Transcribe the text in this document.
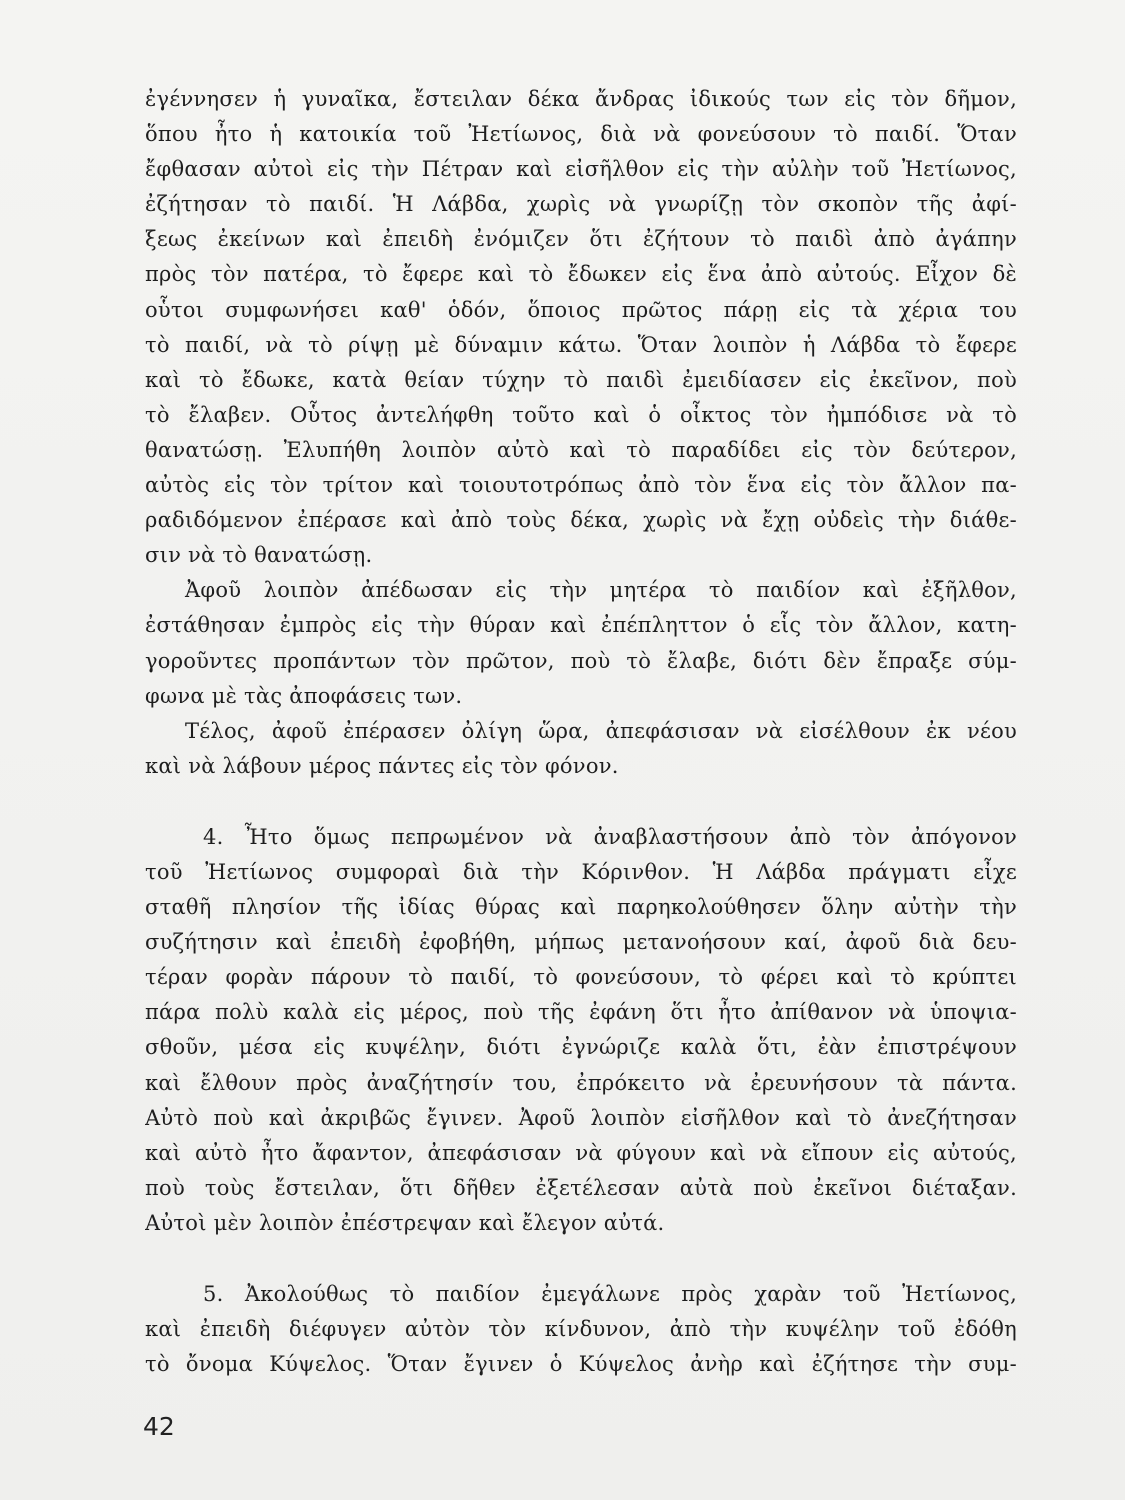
ἐγέννησεν ἡ γυναῖκα, ἔστειλαν δέκα ἄνδρας ἰδικούς των εἰς τὸν δῆμον,
ὅπου ἦτο ἡ κατοικία τοῦ Ἠετίωνος, διὰ νὰ φονεύσουν τὸ παιδί. Ὅταν
ἔφθασαν αὐτοὶ εἰς τὴν Πέτραν καὶ εἰσῆλθον εἰς τὴν αὐλὴν τοῦ Ἠετίωνος,
ἐζήτησαν τὸ παιδί. Ἡ Λάβδα, χωρὶς νὰ γνωρίζῃ τὸν σκοπὸν τῆς ἀφί-
ξεως ἐκείνων καὶ ἐπειδὴ ἐνόμιζεν ὅτι ἐζήτουν τὸ παιδὶ ἀπὸ ἀγάπην
πρὸς τὸν πατέρα, τὸ ἔφερε καὶ τὸ ἔδωκεν εἰς ἕνα ἀπὸ αὐτούς. Εἶχον δὲ
οὗτοι συμφωνήσει καθ' ὁδόν, ὅποιος πρῶτος πάρῃ εἰς τὰ χέρια του
τὸ παιδί, νὰ τὸ ρίψῃ μὲ δύναμιν κάτω. Ὅταν λοιπὸν ἡ Λάβδα τὸ ἔφερε
καὶ τὸ ἔδωκε, κατὰ θείαν τύχην τὸ παιδὶ ἐμειδίασεν εἰς ἐκεῖνον, ποὺ
τὸ ἔλαβεν. Οὗτος ἀντελήφθη τοῦτο καὶ ὁ οἶκτος τὸν ἠμπόδισε νὰ τὸ
θανατώσῃ. Ἐλυπήθη λοιπὸν αὐτὸ καὶ τὸ παραδίδει εἰς τὸν δεύτερον,
αὐτὸς εἰς τὸν τρίτον καὶ τοιουτοτρόπως ἀπὸ τὸν ἕνα εἰς τὸν ἄλλον πα-
ραδιδόμενον ἐπέρασε καὶ ἀπὸ τοὺς δέκα, χωρὶς νὰ ἔχῃ οὐδεὶς τὴν διάθε-
σιν νὰ τὸ θανατώσῃ.
Ἀφοῦ λοιπὸν ἀπέδωσαν εἰς τὴν μητέρα τὸ παιδίον καὶ ἐξῆλθον,
ἐστάθησαν ἐμπρὸς εἰς τὴν θύραν καὶ ἐπέπληττον ὁ εἷς τὸν ἄλλον, κατη-
γοροῦντες προπάντων τὸν πρῶτον, ποὺ τὸ ἔλαβε, διότι δὲν ἔπραξε σύμ-
φωνα μὲ τὰς ἀποφάσεις των.
Τέλος, ἀφοῦ ἐπέρασεν ὀλίγη ὥρα, ἀπεφάσισαν νὰ εἰσέλθουν ἐκ νέου
καὶ νὰ λάβουν μέρος πάντες εἰς τὸν φόνον.
4. Ἦτο ὅμως πεπρωμένον νὰ ἀναβλαστήσουν ἀπὸ τὸν ἀπόγονον
τοῦ Ἠετίωνος συμφοραὶ διὰ τὴν Κόρινθον. Ἡ Λάβδα πράγματι εἶχε
σταθῆ πλησίον τῆς ἰδίας θύρας καὶ παρηκολούθησεν ὅλην αὐτὴν τὴν
συζήτησιν καὶ ἐπειδὴ ἐφοβήθη, μήπως μετανοήσουν καί, ἀφοῦ διὰ δευ-
τέραν φορὰν πάρουν τὸ παιδί, τὸ φονεύσουν, τὸ φέρει καὶ τὸ κρύπτει
πάρα πολὺ καλὰ εἰς μέρος, ποὺ τῆς ἐφάνη ὅτι ἦτο ἀπίθανον νὰ ὑποψια-
σθοῦν, μέσα εἰς κυψέλην, διότι ἐγνώριζε καλὰ ὅτι, ἐὰν ἐπιστρέψουν
καὶ ἔλθουν πρὸς ἀναζήτησίν του, ἐπρόκειτο νὰ ἐρευνήσουν τὰ πάντα.
Αὐτὸ ποὺ καὶ ἀκριβῶς ἔγινεν. Ἀφοῦ λοιπὸν εἰσῆλθον καὶ τὸ ἀνεζήτησαν
καὶ αὐτὸ ἦτο ἄφαντον, ἀπεφάσισαν νὰ φύγουν καὶ νὰ εἴπουν εἰς αὐτούς,
ποὺ τοὺς ἔστειλαν, ὅτι δῆθεν ἐξετέλεσαν αὐτὰ ποὺ ἐκεῖνοι διέταξαν.
Αὐτοὶ μὲν λοιπὸν ἐπέστρεψαν καὶ ἔλεγον αὐτά.
5. Ἀκολούθως τὸ παιδίον ἐμεγάλωνε πρὸς χαρὰν τοῦ Ἠετίωνος,
καὶ ἐπειδὴ διέφυγεν αὐτὸν τὸν κίνδυνον, ἀπὸ τὴν κυψέλην τοῦ ἐδόθη
τὸ ὄνομα Κύψελος. Ὅταν ἔγινεν ὁ Κύψελος ἀνὴρ καὶ ἐζήτησε τὴν συμ-
42
